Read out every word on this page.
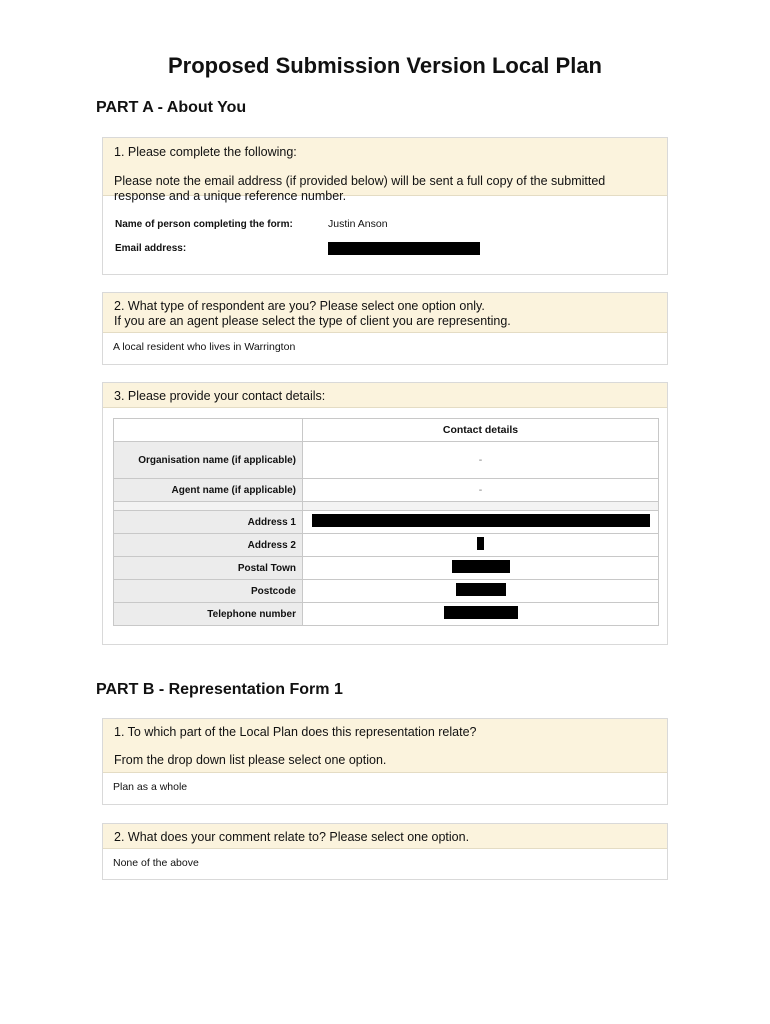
Proposed Submission Version Local Plan
PART A - About You

1. Please complete the following:

Please note the email address (if provided below) will be sent a full copy of the submitted response and a unique reference number.

Name of person completing the form:	Justin Anson
Email address:

2. What type of respondent are you? Please select one option only.

If you are an agent please select the type of client you are representing.

A local resident who lives in Warrington

3. Please provide your contact details:

	Contact details
Organisation name (if applicable)	-
Agent name (if applicable)	-

Address 1	
Address 2	
Postal Town	
Postcode	
Telephone number	
PART B - Representation Form 1

1. To which part of the Local Plan does this representation relate?

From the drop down list please select one option.

Plan as a whole

2. What does your comment relate to? Please select one option.

None of the above
